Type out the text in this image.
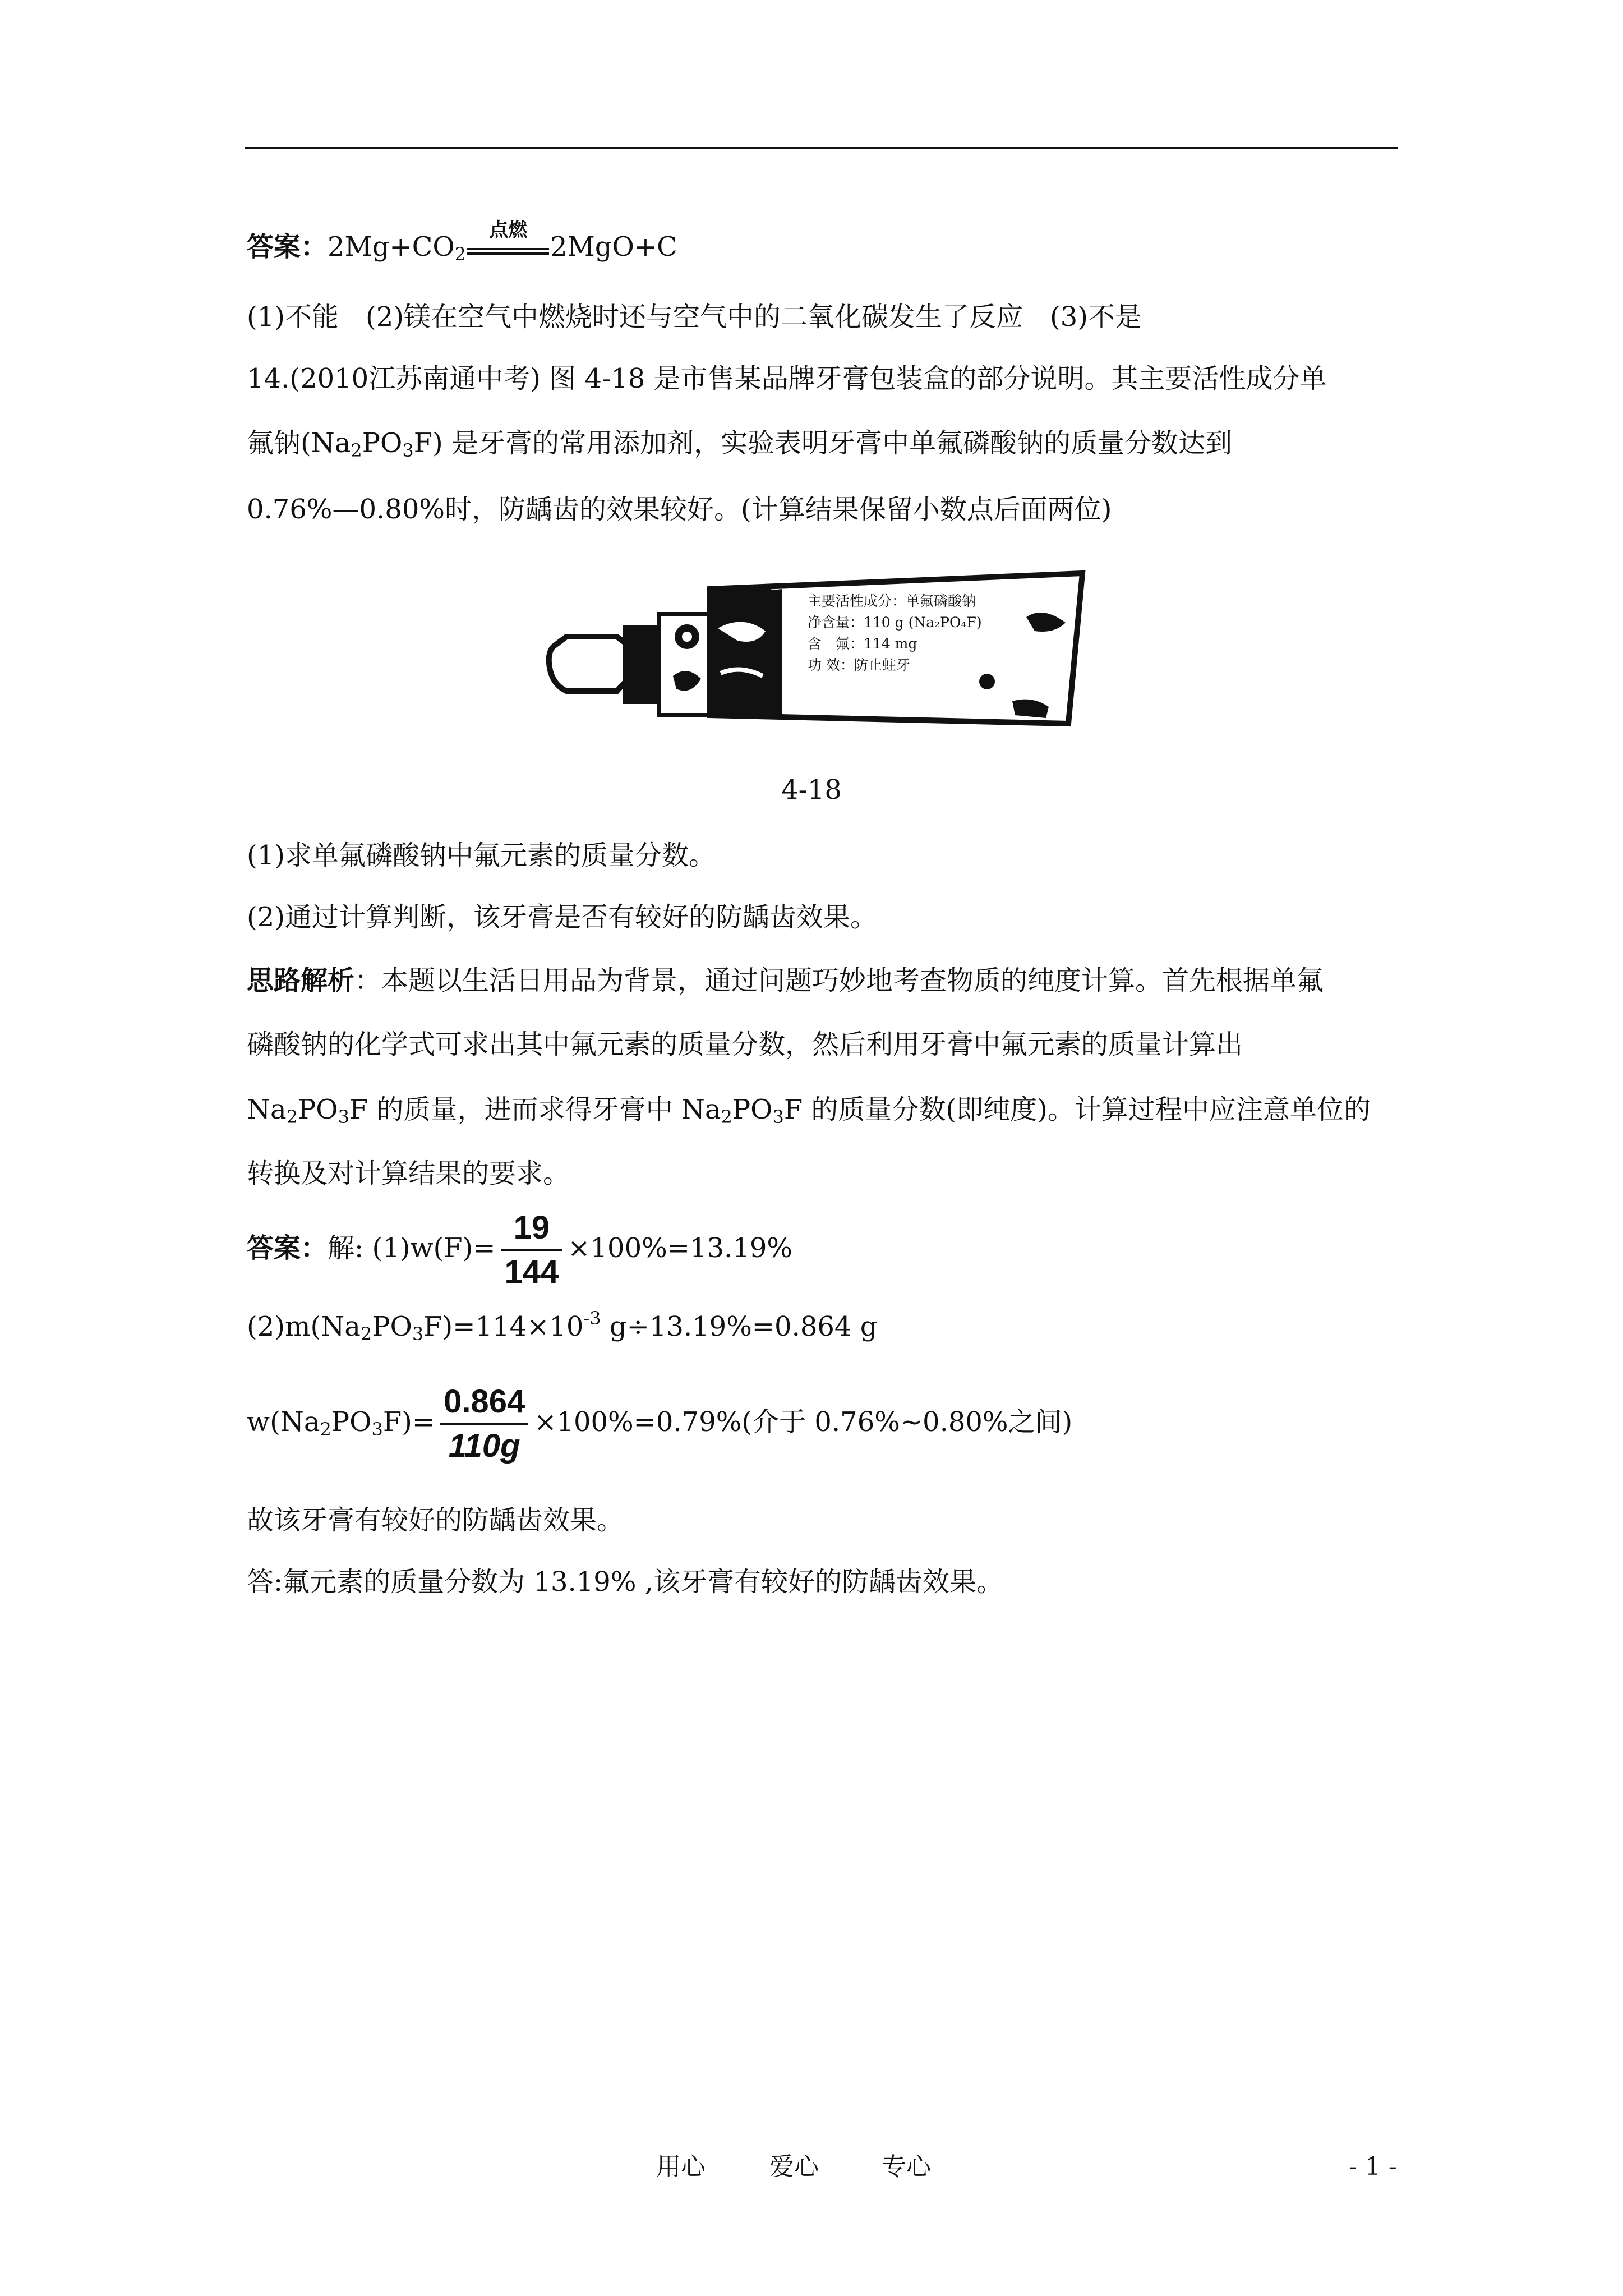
答案：$2Mg+CO_2$
点燃
2MgO+C
(1)不能　(2)镁在空气中燃烧时还与空气中的二氧化碳发生了反应　(3)不是
14.(2010江苏南通中考) 图 4-18 是市售某品牌牙膏包装盒的部分说明。其主要活性成分单
氟钠$(Na_2PO_3F)$ 是牙膏的常用添加剂，实验表明牙膏中单氟磷酸钠的质量分数达到
0.76%—0.80%时，防龋齿的效果较好。(计算结果保留小数点后面两位)
主要活性成分：单氟磷酸钠
净含量：110 g (Na₂PO₄F)
含　氟：114 mg
功 效：防止蛀牙
4-18
(1)求单氟磷酸钠中氟元素的质量分数。
(2)通过计算判断，该牙膏是否有较好的防龋齿效果。
思路解析：本题以生活日用品为背景，通过问题巧妙地考查物质的纯度计算。首先根据单氟
磷酸钠的化学式可求出其中氟元素的质量分数，然后利用牙膏中氟元素的质量计算出
$Na_2PO_3F$ 的质量，进而求得牙膏中 $Na_2PO_3F$ 的质量分数(即纯度)。计算过程中应注意单位的
转换及对计算结果的要求。
答案：解: $(1)w(F)= \frac{19}{144} \times 100\%=13.19\%$
$(2)m(Na_2PO_3F)=114\times 10^{-3}$ g÷13.19%=0.864 g
$w(Na_2PO_3F)= \frac{0.864}{110g} \times 100\%=0.79\%$(介于 0.76%~0.80%之间)
故该牙膏有较好的防龋齿效果。
答:氟元素的质量分数为 13.19% ,该牙膏有较好的防龋齿效果。
用心	爱心	专心	- 1 -
